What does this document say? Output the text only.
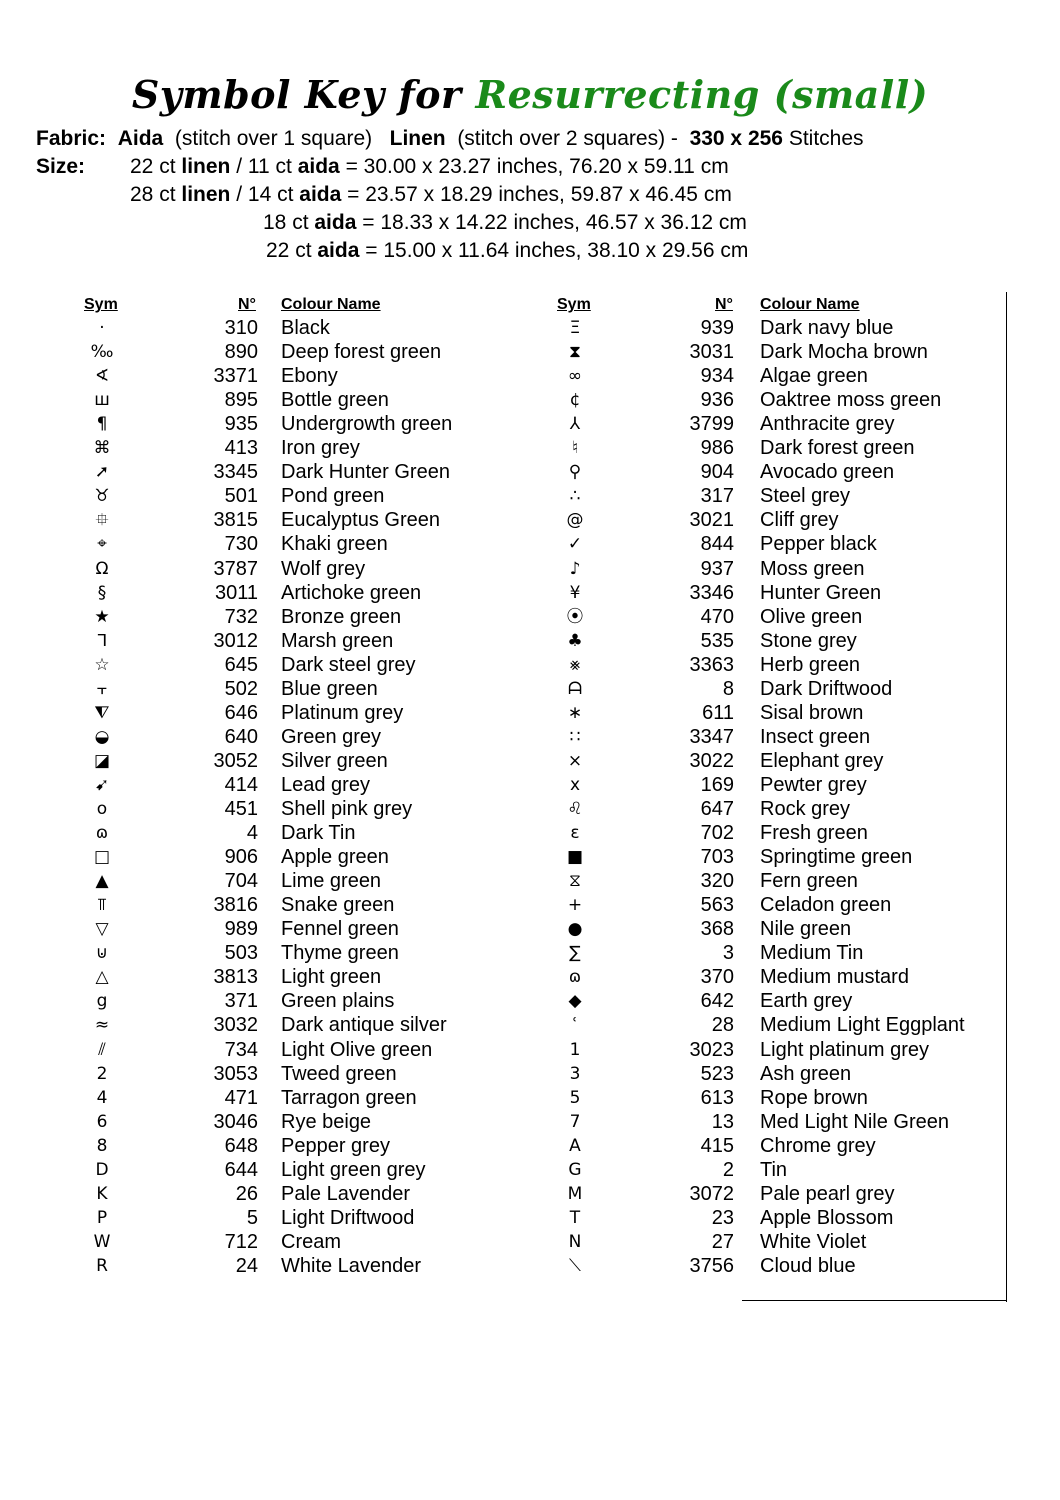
Symbol Key for Resurrecting (small)
Fabric: Aida (stitch over 1 square) Linen (stitch over 2 squares) - 330 x 256 Stitches
Size: 22 ct linen / 11 ct aida = 30.00 x 23.27 inches, 76.20 x 59.11 cm
28 ct linen / 14 ct aida = 23.57 x 18.29 inches, 59.87 x 46.45 cm
18 ct aida = 18.33 x 14.22 inches, 46.57 x 36.12 cm
22 ct aida = 15.00 x 11.64 inches, 38.10 x 29.56 cm
Sym	N° Colour Name	Sym	N° Colour Name
·	310 Black
‰	890 Deep forest green
∢	3371 Ebony
ш	895 Bottle green
¶	935 Undergrowth green
⌘	413 Iron grey
➚	3345 Dark Hunter Green
♉	501 Pond green
⯐	3815 Eucalyptus Green
⌖	730 Khaki green
Ω	3787 Wolf grey
§	3011 Artichoke green
★	732 Bronze green
ᒣ	3012 Marsh green
☆	645 Dark steel grey
⫟	502 Blue green
⧨	646 Platinum grey
◒	640 Green grey
◪	3052 Silver green
➹	414 Lead grey
o	451 Shell pink grey
ɷ	4 Dark Tin
□	906 Apple green
▲	704 Lime green
⫪	3816 Snake green
▽	989 Fennel green
⊍	503 Thyme green
△	3813 Light green
g	371 Green plains
≈	3032 Dark antique silver
⫽	734 Light Olive green
2	3053 Tweed green
4	471 Tarragon green
6	3046 Rye beige
8	648 Pepper grey
D	644 Light green grey
K	26 Pale Lavender
P	5 Light Driftwood
W	712 Cream
R	24 White Lavender
Ξ	939 Dark navy blue
⧗	3031 Dark Mocha brown
∞	934 Algae green
¢	936 Oaktree moss green
⅄	3799 Anthracite grey
♮	986 Dark forest green
⚲	904 Avocado green
∴	317 Steel grey
@	3021 Cliff grey
✓	844 Pepper black
♪	937 Moss green
¥	3346 Hunter Green
⦿	470 Olive green
♣	535 Stone grey
⨳	3363 Herb green
ᗩ	8 Dark Driftwood
∗	611 Sisal brown
∷	3347 Insect green
⨯	3022 Elephant grey
x	169 Pewter grey
♌	647 Rock grey
ɛ	702 Fresh green
■	703 Springtime green
⧖	320 Fern green
+	563 Celadon green
●	368 Nile green
∑	3 Medium Tin
ɷ	370 Medium mustard
◆	642 Earth grey
ʿ	28 Medium Light Eggplant
1	3023 Light platinum grey
3	523 Ash green
5	613 Rope brown
7	13 Med Light Nile Green
A	415 Chrome grey
G	2 Tin
M	3072 Pale pearl grey
T	23 Apple Blossom
N	27 White Violet
⟍	3756 Cloud blue
